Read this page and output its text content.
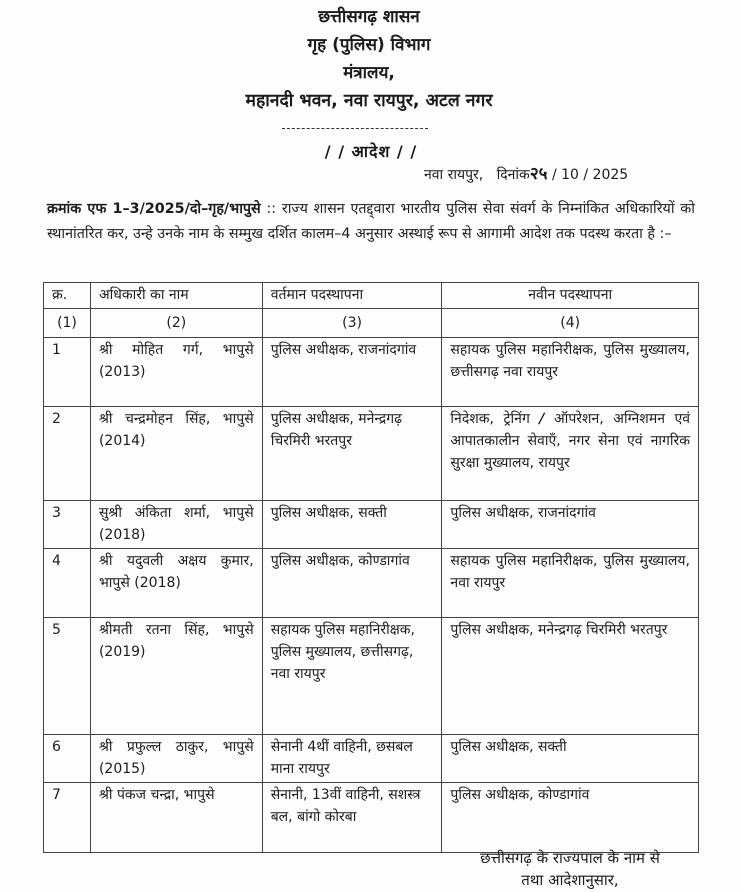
छत्तीसगढ़ शासन
गृह (पुलिस) विभाग
मंत्रालय,
महानदी भवन, नवा रायपुर, अटल नगर
/ / आदेश / /
नवा रायपुर, दिनांक२५ / 10 / 2025
क्रमांक एफ 1–3/2025/दो–गृह/भापुसे :: राज्य शासन एतद्द्वारा भारतीय पुलिस सेवा संवर्ग के निम्नांकित अधिकारियों को स्थानांतरित कर, उन्हे उनके नाम के सम्मुख दर्शित कालम–4 अनुसार अस्थाई रूप से आगामी आदेश तक पदस्थ करता है :–
क्र.	अधिकारी का नाम	वर्तमान पदस्थापना	नवीन पदस्थापना
(1)	(2)	(3)	(4)
1	श्री मोहित गर्ग, भापुसे (2013)	पुलिस अधीक्षक, राजनांदगांव	सहायक पुलिस महानिरीक्षक, पुलिस मुख्यालय, छत्तीसगढ़ नवा रायपुर
2	श्री चन्द्रमोहन सिंह, भापुसे (2014)	पुलिस अधीक्षक, मनेन्द्रगढ़ चिरमिरी भरतपुर	निदेशक, ट्रेनिंग / ऑपरेशन, अग्निशमन एवं आपातकालीन सेवाऍं, नगर सेना एवं नागरिक सुरक्षा मुख्यालय, रायपुर
3	सुश्री अंकिता शर्मा, भापुसे (2018)	पुलिस अधीक्षक, सक्ती	पुलिस अधीक्षक, राजनांदगांव
4	श्री यदुवली अक्षय कुमार, भापुसे (2018)	पुलिस अधीक्षक, कोण्डागांव	सहायक पुलिस महानिरीक्षक, पुलिस मुख्यालय, नवा रायपुर
5	श्रीमती रतना सिंह, भापुसे (2019)	सहायक पुलिस महानिरीक्षक, पुलिस मुख्यालय, छत्तीसगढ़, नवा रायपुर	पुलिस अधीक्षक, मनेन्द्रगढ़ चिरमिरी भरतपुर
6	श्री प्रफुल्ल ठाकुर, भापुसे (2015)	सेनानी 4थीं वाहिनी, छसबल माना रायपुर	पुलिस अधीक्षक, सक्ती
7	श्री पंकज चन्द्रा, भापुसे	सेनानी, 13वीं वाहिनी, सशस्त्र बल, बांगो कोरबा	पुलिस अधीक्षक, कोण्डागांव
छत्तीसगढ़ के राज्यपाल के नाम से
तथा आदेशानुसार,
